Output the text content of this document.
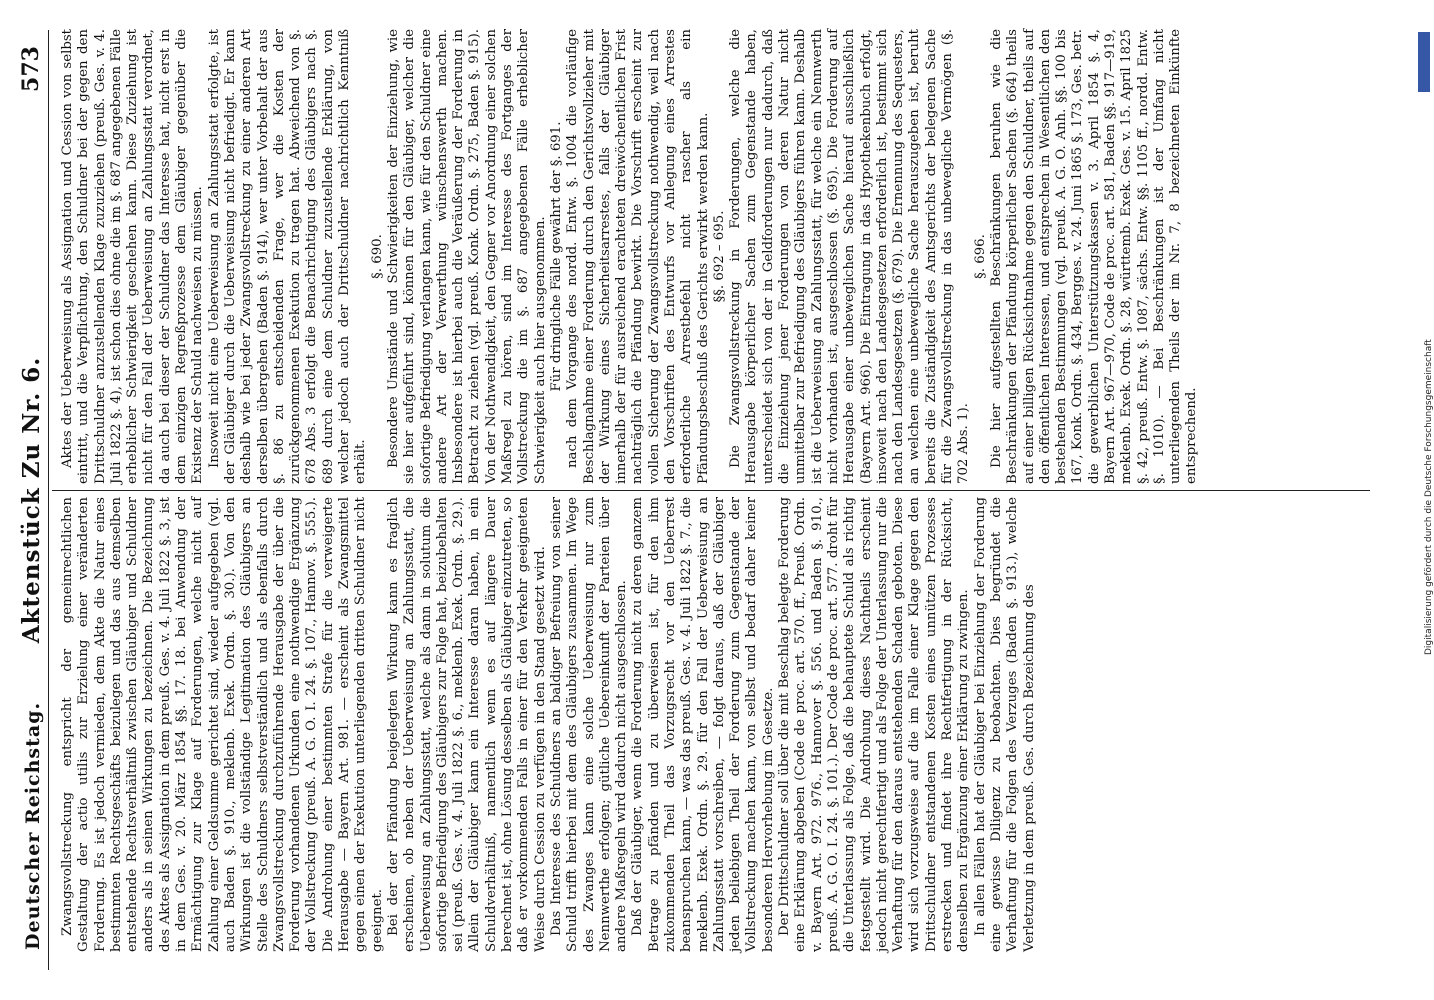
Deutscher Reichstag.
Aktenstück Zu Nr. 6.
573

Zwangsvollstreckung entspricht der gemeinrechtlichen Gestaltung der actio utilis zur Erzielung einer veränderten Forderung. Es ist jedoch vermieden, dem Akte die Natur eines bestimmten Rechtsgeschäfts beizulegen und das aus demselben entstehende Rechtsverhältniß zwischen Gläubiger und Schuldner anders als in seinen Wirkungen zu bezeichnen. Die Bezeichnung des Aktes als Assignation in dem preuß. Ges. v. 4. Juli 1822 §. 3, ist in dem Ges. v. 20. März 1854 §§. 17. 18. bei Anwendung der Ermächtigung zur Klage auf Forderungen, welche nicht auf Zahlung einer Geldsumme gerichtet sind, wieder aufgegeben (vgl. auch Baden §. 910., meklenb. Exek. Ordn. §. 30.). Von den Wirkungen ist die vollständige Legitimation des Gläubigers an Stelle des Schuldners selbstverständlich und als ebenfalls durch Zwangsvollstreckung durchzuführende Herausgabe der über die Forderung vorhandenen Urkunden eine nothwendige Ergänzung der Vollstreckung (preuß. A. G. O. I. 24. §. 107., Hannov. §. 555.). Die Androhung einer bestimmten Strafe für die verweigerte Herausgabe — Bayern Art. 981. — erscheint als Zwangsmittel gegen einen der Exekution unterliegenden dritten Schuldner nicht geeignet. Bei der der Pfändung beigelegten Wirkung kann es fraglich erscheinen, ob neben der Ueberweisung an Zahlungsstatt, die Ueberweisung an Zahlungsstatt, welche als dann in solutum die sofortige Befriedigung des Gläubigers zur Folge hat, beizubehalten sei (preuß. Ges. v. 4. Juli 1822 §. 6., meklenb. Exek. Ordn. §. 29.). Allein der Gläubiger kann ein Interesse daran haben, in ein Schuldverhältniß, namentlich wenn es auf längere Dauer berechnet ist, ohne Lösung desselben als Gläubiger einzutreten, so daß er vorkommenden Falls in einer für den Verkehr geeigneten Weise durch Cession zu verfügen in den Stand gesetzt wird. Das Interesse des Schuldners an baldiger Befreiung von seiner Schuld trifft hierbei mit dem des Gläubigers zusammen. Im Wege des Zwanges kann eine solche Ueberweisung nur zum Nennwerthe erfolgen; gütliche Uebereinkunft der Parteien über andere Maßregeln wird dadurch nicht ausgeschlossen. Daß der Gläubiger, wenn die Forderung nicht zu deren ganzem Betrage zu pfänden und zu überweisen ist, für den ihm zukommenden Theil das Vorzugsrecht vor den Ueberrest beanspruchen kann, — was das preuß. Ges. v. 4. Juli 1822 §. 7., die meklenb. Exek. Ordn. §. 29. für den Fall der Ueberweisung an Zahlungsstatt vorschreiben, — folgt daraus, daß der Gläubiger jeden beliebigen Theil der Forderung zum Gegenstande der Vollstreckung machen kann, von selbst und bedarf daher keiner besonderen Hervorhebung im Gesetze. Der Drittschuldner soll über die mit Beschlag belegte Forderung eine Erklärung abgeben (Code de proc. art. 570. ff., Preuß. Ordn. v. Bayern Art. 972. 976., Hannover §. 556. und Baden §. 910., preuß. A. G. O. I. 24. §. 101.). Der Code de proc. art. 577. droht für die Unterlassung als Folge, daß die behauptete Schuld als richtig festgestellt wird. Die Androhung dieses Nachtheils erscheint jedoch nicht gerechtfertigt und als Folge der Unterlassung nur die Verhaftung für den daraus entstehenden Schaden geboten. Diese wird sich vorzugsweise auf die im Falle einer Klage gegen den Drittschuldner entstandenen Kosten eines unnützen Prozesses erstrecken und findet ihre Rechtfertigung in der Rücksicht, denselben zu Ergänzung einer Erklärung zu zwingen. In allen Fällen hat der Gläubiger bei Einziehung der Forderung eine gewisse Diligenz zu beobachten. Dies begründet die Verhaftung für die Folgen des Verzuges (Baden §. 913.), welche Verletzung in dem preuß. Ges. durch Bezeichnung des

Aktes der Ueberweisung als Assignation und Cession von selbst eintritt, und die Verpflichtung, den Schuldner bei der gegen den Drittschuldner anzustellenden Klage zuzuziehen (preuß. Ges. v. 4. Juli 1822 §. 4), ist schon dies ohne die im §. 687 angegebenen Fälle erheblicher Schwierigkeit geschehen kann. Diese Zuziehung ist nicht für den Fall der Ueberweisung an Zahlungsstatt verordnet, da auch bei dieser der Schuldner das Interesse hat, nicht erst in dem einzigen Regreßprozesse dem Gläubiger gegenüber die Existenz der Schuld nachweisen zu müssen. Insoweit nicht eine Ueberweisung an Zahlungsstatt erfolgte, ist der Gläubiger durch die Ueberweisung nicht befriedigt. Er kann deshalb wie bei jeder Zwangsvollstreckung zu einer anderen Art derselben übergehen (Baden §. 914), wer unter Vorbehalt der aus §. 86 zu entscheidenden Frage, wer die Kosten der zurückgenommenen Exekution zu tragen hat. Abweichend von §. 678 Abs. 3 erfolgt die Benachrichtigung des Gläubigers nach §. 689 durch eine dem Schuldner zuzustellende Erklärung, von welcher jedoch auch der Drittschuldner nachrichtlich Kenntniß erhält.

§. 690. Besondere Umstände und Schwierigkeiten der Einziehung, wie sie hier aufgeführt sind, können für den Gläubiger, welcher die sofortige Befriedigung verlangen kann, wie für den Schuldner eine andere Art der Verwerthung wünschenswerth machen. Insbesondere ist hierbei auch die Veräußerung der Forderung in Betracht zu ziehen (vgl. preuß. Konk. Ordn. §. 275, Baden §. 915). Von der Nothwendigkeit, den Gegner vor Anordnung einer solchen Maßregel zu hören, sind im Interesse des Fortganges der Vollstreckung die im §. 687 angegebenen Fälle erheblicher Schwierigkeit auch hier ausgenommen. Für dringliche Fälle gewährt der §. 691. nach dem Vorgange des nordd. Entw. §. 1004 die vorläufige Beschlagnahme einer Forderung durch den Gerichtsvollzieher mit der Wirkung eines Sicherheitsarrestes, falls der Gläubiger innerhalb der für ausreichend erachteten dreiwöchentlichen Frist nachträglich die Pfändung bewirkt. Die Vorschrift erscheint zur vollen Sicherung der Zwangsvollstreckung nothwendig, weil nach den Vorschriften des Entwurfs vor Anlegung eines Arrestes erforderliche Arrestbefehl nicht rascher als ein Pfändungsbeschluß des Gerichts erwirkt werden kann. §§. 692 – 695. Die Zwangsvollstreckung in Forderungen, welche die Herausgabe körperlicher Sachen zum Gegenstande haben, unterscheidet sich von der in Geldforderungen nur dadurch, daß die Einziehung jener Forderungen von deren Natur nicht unmittelbar zur Befriedigung des Gläubigers führen kann. Deshalb ist die Ueberweisung an Zahlungsstatt, für welche ein Nennwerth nicht vorhanden ist, ausgeschlossen (§. 695). Die Forderung auf Herausgabe einer unbeweglichen Sache hierauf ausschließlich (Bayern Art. 966). Die Eintragung in das Hypothekenbuch erfolgt, insoweit nach den Landesgesetzen erforderlich ist, bestimmt sich nach den Landesgesetzen (§. 679). Die Ernennung des Sequesters, an welchen eine unbewegliche Sache herauszugeben ist, beruht bereits die Zuständigkeit des Amtsgerichts der belegenen Sache für die Zwangsvollstreckung in das unbewegliche Vermögen (§. 702 Abs. 1).

§. 696. Die hier aufgestellten Beschränkungen beruhen wie die Beschränkungen der Pfändung körperlicher Sachen (§. 664) theils auf einer billigen Rücksichtnahme gegen den Schuldner, theils auf den öffentlichen Interessen, und entsprechen in Wesentlichen den bestehenden Bestimmungen (vgl. preuß. A. G. O. Anh. §§. 100 bis 167, Konk. Ordn. §. 434, Bergges. v. 24. Juni 1865 §. 173, Ges. betr. die gewerblichen Unterstützungskassen v. 3. April 1854 §. 4, Bayern Art. 967—970, Code de proc. art. 581, Baden §§. 917—919, meklenb. Exek. Ordn. §. 28, württemb. Exek. Ges. v. 15. April 1825 §. 42, preuß. Entw. §. 1087, sächs. Entw. §§. 1105 ff., nordd. Entw. §. 1010). — Bei Beschränkungen ist der Umfang nicht unterliegenden Theils der im Nr. 7, 8 bezeichneten Einkünfte entsprechend.

DFG
Digitalisierung gefördert durch die Deutsche Forschungsgemeinschaft
